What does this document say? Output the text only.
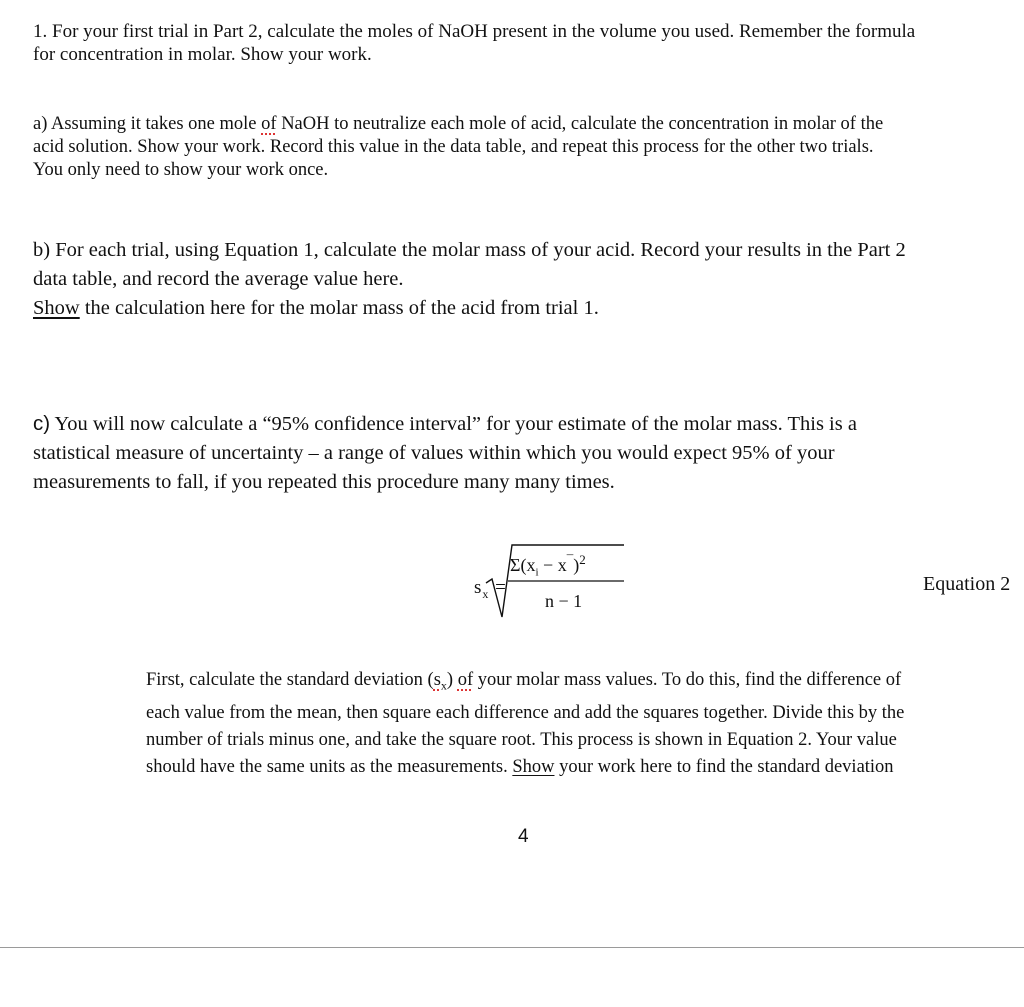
1. For your first trial in Part 2, calculate the moles of NaOH present in the volume you used. Remember the formula
for concentration in molar. Show your work.

a) Assuming it takes one mole of NaOH to neutralize each mole of acid, calculate the concentration in molar of the
acid solution. Show your work. Record this value in the data table, and repeat this process for the other two trials.
You only need to show your work once.

b) For each trial, using Equation 1, calculate the molar mass of your acid. Record your results in the Part 2
data table, and record the average value here.
Show the calculation here for the molar mass of the acid from trial 1.

c) You will now calculate a “95% confidence interval” for your estimate of the molar mass. This is a
statistical measure of uncertainty – a range of values within which you would expect 95% of your
measurements to fall, if you repeated this procedure many many times.

$s_x$ =
$\Sigma(x_i - x^¯)^2$
n − 1
Equation 2

First, calculate the standard deviation $(s_x)$ of your molar mass values. To do this, find the difference of
each value from the mean, then square each difference and add the squares together. Divide this by the
number of trials minus one, and take the square root. This process is shown in Equation 2. Your value
should have the same units as the measurements. Show your work here to find the standard deviation

4
